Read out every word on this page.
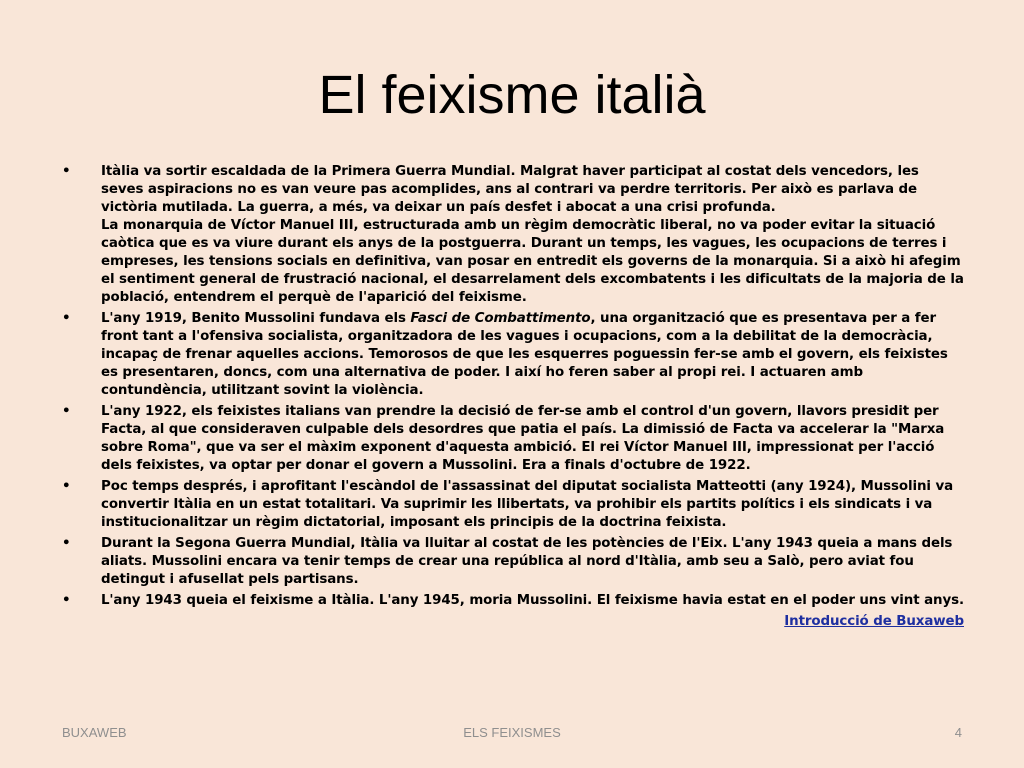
El feixisme italià
• Itàlia va sortir escaldada de la Primera Guerra Mundial. Malgrat haver participat al costat dels vencedors, les seves aspiracions no es van veure pas acomplides, ans al contrari va perdre territoris. Per això es parlava de victòria mutilada. La guerra, a més, va deixar un país desfet i abocat a una crisi profunda.

La monarquia de Víctor Manuel III, estructurada amb un règim democràtic liberal, no va poder evitar la situació caòtica que es va viure durant els anys de la postguerra. Durant un temps, les vagues, les ocupacions de terres i empreses, les tensions socials en definitiva, van posar en entredit els governs de la monarquia. Si a això hi afegim el sentiment general de frustració nacional, el desarrelament dels excombatents i les dificultats de la majoria de la població, entendrem el perquè de l'aparició del feixisme.

• L'any 1919, Benito Mussolini fundava els Fasci de Combattimento, una organització que es presentava per a fer front tant a l'ofensiva socialista, organitzadora de les vagues i ocupacions, com a la debilitat de la democràcia, incapaç de frenar aquelles accions. Temorosos de que les esquerres poguessin fer-se amb el govern, els feixistes es presentaren, doncs, com una alternativa de poder. I així ho feren saber al propi rei. I actuaren amb contundència, utilitzant sovint la violència.

• L'any 1922, els feixistes italians van prendre la decisió de fer-se amb el control d'un govern, llavors presidit per Facta, al que consideraven culpable dels desordres que patia el país. La dimissió de Facta va accelerar la "Marxa sobre Roma", que va ser el màxim exponent d'aquesta ambició. El rei Víctor Manuel III, impressionat per l'acció dels feixistes, va optar per donar el govern a Mussolini. Era a finals d'octubre de 1922.

• Poc temps després, i aprofitant l'escàndol de l'assassinat del diputat socialista Matteotti (any 1924), Mussolini va convertir Itàlia en un estat totalitari. Va suprimir les llibertats, va prohibir els partits polítics i els sindicats i va institucionalitzar un règim dictatorial, imposant els principis de la doctrina feixista.

• Durant la Segona Guerra Mundial, Itàlia va lluitar al costat de les potències de l'Eix. L'any 1943 queia a mans dels aliats. Mussolini encara va tenir temps de crear una república al nord d'Itàlia, amb seu a Salò, pero aviat fou detingut i afusellat pels partisans.

• L'any 1943 queia el feixisme a Itàlia. L'any 1945, moria Mussolini. El feixisme havia estat en el poder uns vint anys.

Introducció de Buxaweb
BUXAWEB	ELS FEIXISMES	4
